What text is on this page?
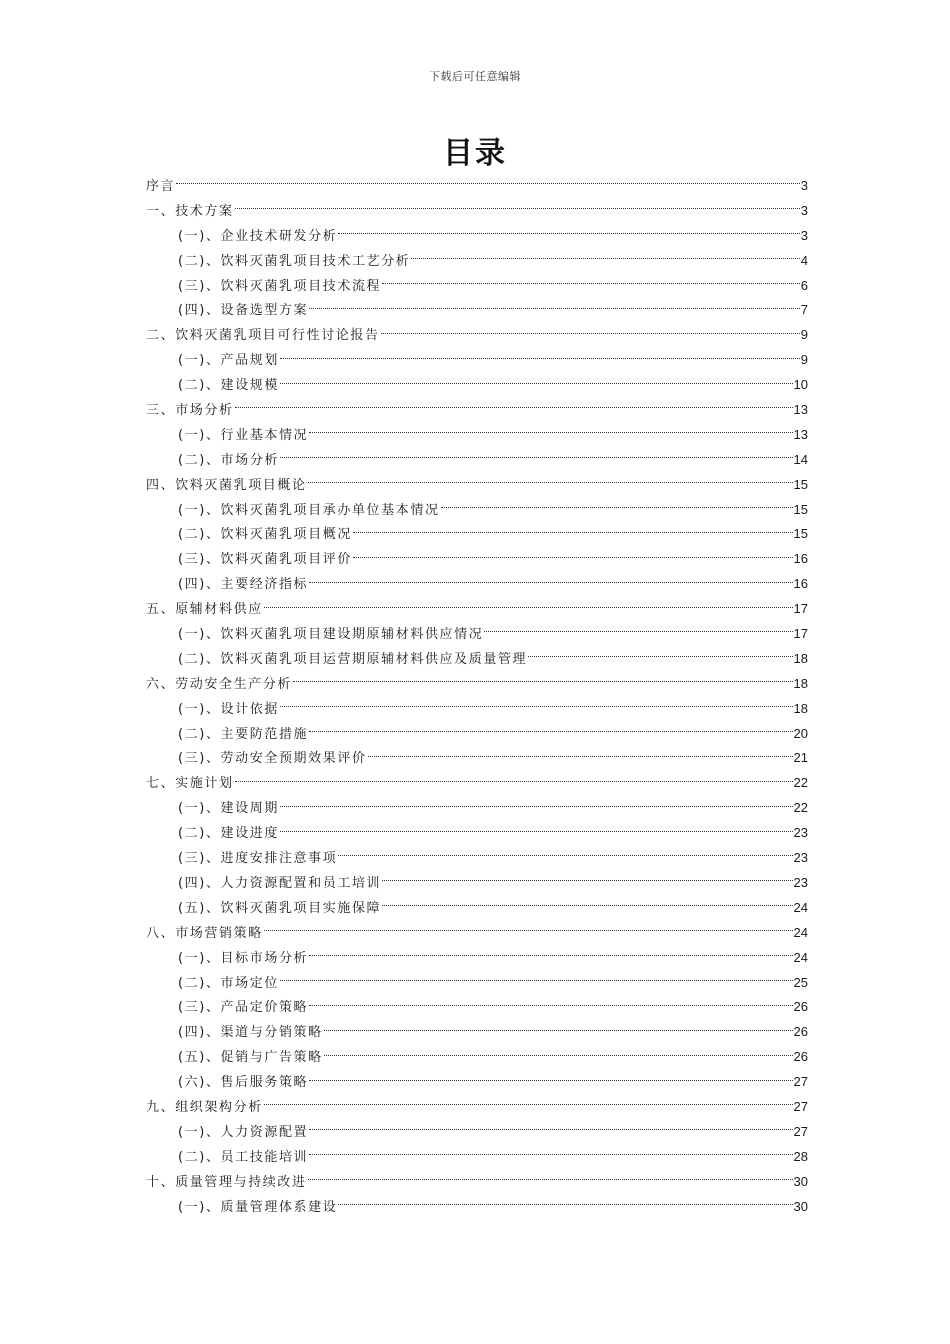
下载后可任意编辑
目录
序言	3
一、技术方案	3
(一)、企业技术研发分析	3
(二)、饮料灭菌乳项目技术工艺分析	4
(三)、饮料灭菌乳项目技术流程	6
(四)、设备选型方案	7
二、饮料灭菌乳项目可行性讨论报告	9
(一)、产品规划	9
(二)、建设规模	10
三、市场分析	13
(一)、行业基本情况	13
(二)、市场分析	14
四、饮料灭菌乳项目概论	15
(一)、饮料灭菌乳项目承办单位基本情况	15
(二)、饮料灭菌乳项目概况	15
(三)、饮料灭菌乳项目评价	16
(四)、主要经济指标	16
五、原辅材料供应	17
(一)、饮料灭菌乳项目建设期原辅材料供应情况	17
(二)、饮料灭菌乳项目运营期原辅材料供应及质量管理	18
六、劳动安全生产分析	18
(一)、设计依据	18
(二)、主要防范措施	20
(三)、劳动安全预期效果评价	21
七、实施计划	22
(一)、建设周期	22
(二)、建设进度	23
(三)、进度安排注意事项	23
(四)、人力资源配置和员工培训	23
(五)、饮料灭菌乳项目实施保障	24
八、市场营销策略	24
(一)、目标市场分析	24
(二)、市场定位	25
(三)、产品定价策略	26
(四)、渠道与分销策略	26
(五)、促销与广告策略	26
(六)、售后服务策略	27
九、组织架构分析	27
(一)、人力资源配置	27
(二)、员工技能培训	28
十、质量管理与持续改进	30
(一)、质量管理体系建设	30
